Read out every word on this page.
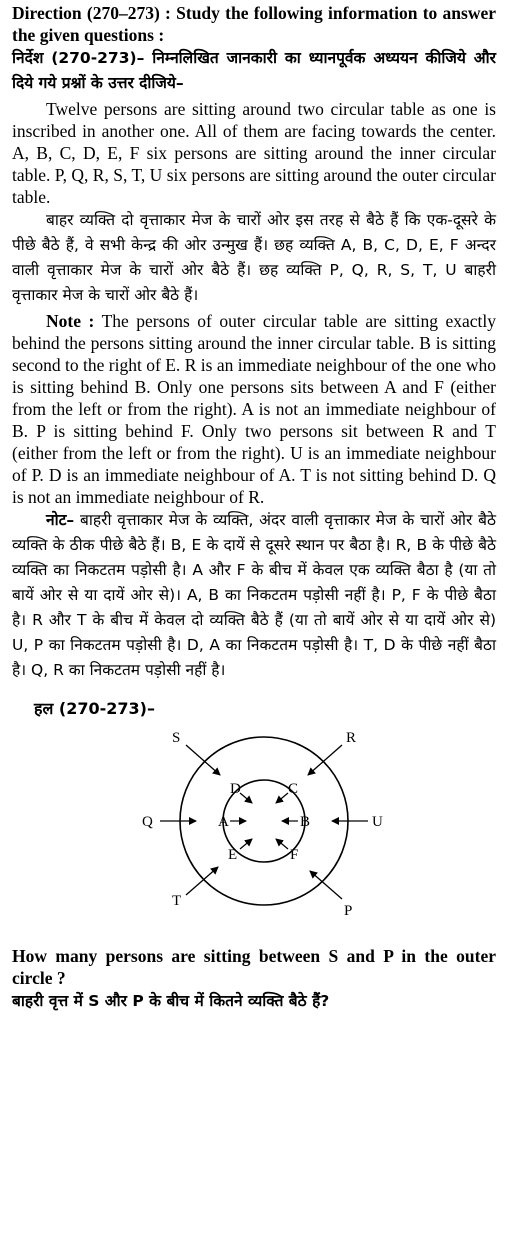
Direction (270–273) : Study the following information to answer the given questions :

निर्देश (270-273)– निम्नलिखित जानकारी का ध्यानपूर्वक अध्ययन कीजिये और दिये गये प्रश्नों के उत्तर दीजिये–

Twelve persons are sitting around two circular table as one is inscribed in another one. All of them are facing towards the center. A, B, C, D, E, F six persons are sitting around the inner circular table. P, Q, R, S, T, U six persons are sitting around the outer circular table.

बाहर व्यक्ति दो वृत्ताकार मेज के चारों ओर इस तरह से बैठे हैं कि एक-दूसरे के पीछे बैठे हैं, वे सभी केन्द्र की ओर उन्मुख हैं। छह व्यक्ति A, B, C, D, E, F अन्दर वाली वृत्ताकार मेज के चारों ओर बैठे हैं। छह व्यक्ति P, Q, R, S, T, U बाहरी वृत्ताकार मेज के चारों ओर बैठे हैं।

Note : The persons of outer circular table are sitting exactly behind the persons sitting around the inner circular table. B is sitting second to the right of E. R is an immediate neighbour of the one who is sitting behind B. Only one persons sits between A and F (either from the left or from the right). A is not an immediate neighbour of B. P is sitting behind F. Only two persons sit between R and T (either from the left or from the right). U is an immediate neighbour of P. D is an immediate neighbour of A. T is not sitting behind D. Q is not an immediate neighbour of R.

नोट– बाहरी वृत्ताकार मेज के व्यक्ति, अंदर वाली वृत्ताकार मेज के चारों ओर बैठे व्यक्ति के ठीक पीछे बैठे हैं। B, E के दायें से दूसरे स्थान पर बैठा है। R, B के पीछे बैठे व्यक्ति का निकटतम पड़ोसी है। A और F के बीच में केवल एक व्यक्ति बैठा है (या तो बायें ओर से या दायें ओर से)। A, B का निकटतम पड़ोसी नहीं है। P, F के पीछे बैठा है। R और T के बीच में केवल दो व्यक्ति बैठे हैं (या तो बायें ओर से या दायें ओर से) U, P का निकटतम पड़ोसी है। D, A का निकटतम पड़ोसी है। T, D के पीछे नहीं बैठा है। Q, R का निकटतम पड़ोसी नहीं है।

हल (270-273)–
S	R
Q	U
T
P
D	C
A	B
E	F

How many persons are sitting between S and P in the outer circle ?

बाहरी वृत्त में S और P के बीच में कितने व्यक्ति बैठे हैं?
